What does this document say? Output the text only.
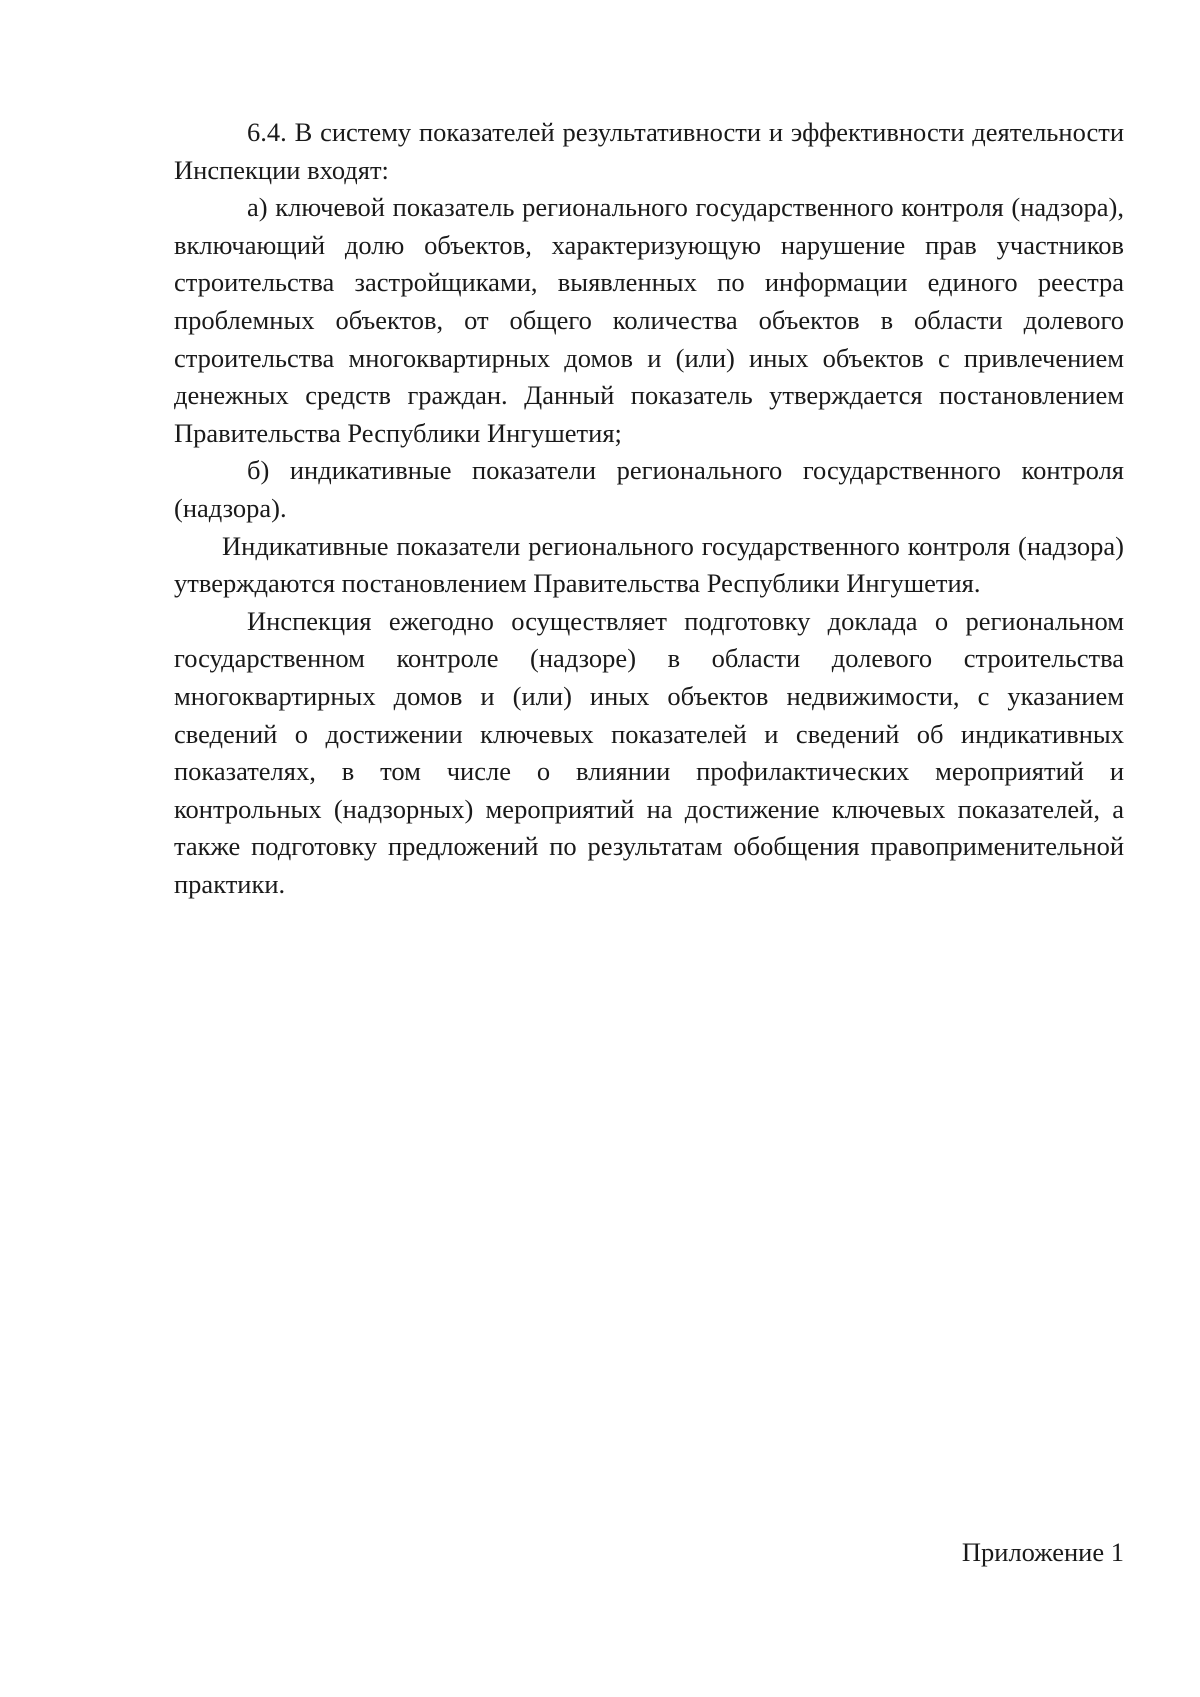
6.4. В систему показателей результативности и эффективности деятельности Инспекции входят:

а) ключевой показатель регионального государственного контроля (надзора), включающий долю объектов, характеризующую нарушение прав участников строительства застройщиками, выявленных по информации единого реестра проблемных объектов, от общего количества объектов в области долевого строительства многоквартирных домов и (или) иных объектов с привлечением денежных средств граждан. Данный показатель утверждается постановлением Правительства Республики Ингушетия;

б) индикативные показатели регионального государственного контроля (надзора).

Индикативные показатели регионального государственного контроля (надзора) утверждаются постановлением Правительства Республики Ингушетия.

Инспекция ежегодно осуществляет подготовку доклада о региональном государственном контроле (надзоре) в области долевого строительства многоквартирных домов и (или) иных объектов недвижимости, с указанием сведений о достижении ключевых показателей и сведений об индикативных показателях, в том числе о влиянии профилактических мероприятий и контрольных (надзорных) мероприятий на достижение ключевых показателей, а также подготовку предложений по результатам обобщения правоприменительной практики.

Приложение 1
